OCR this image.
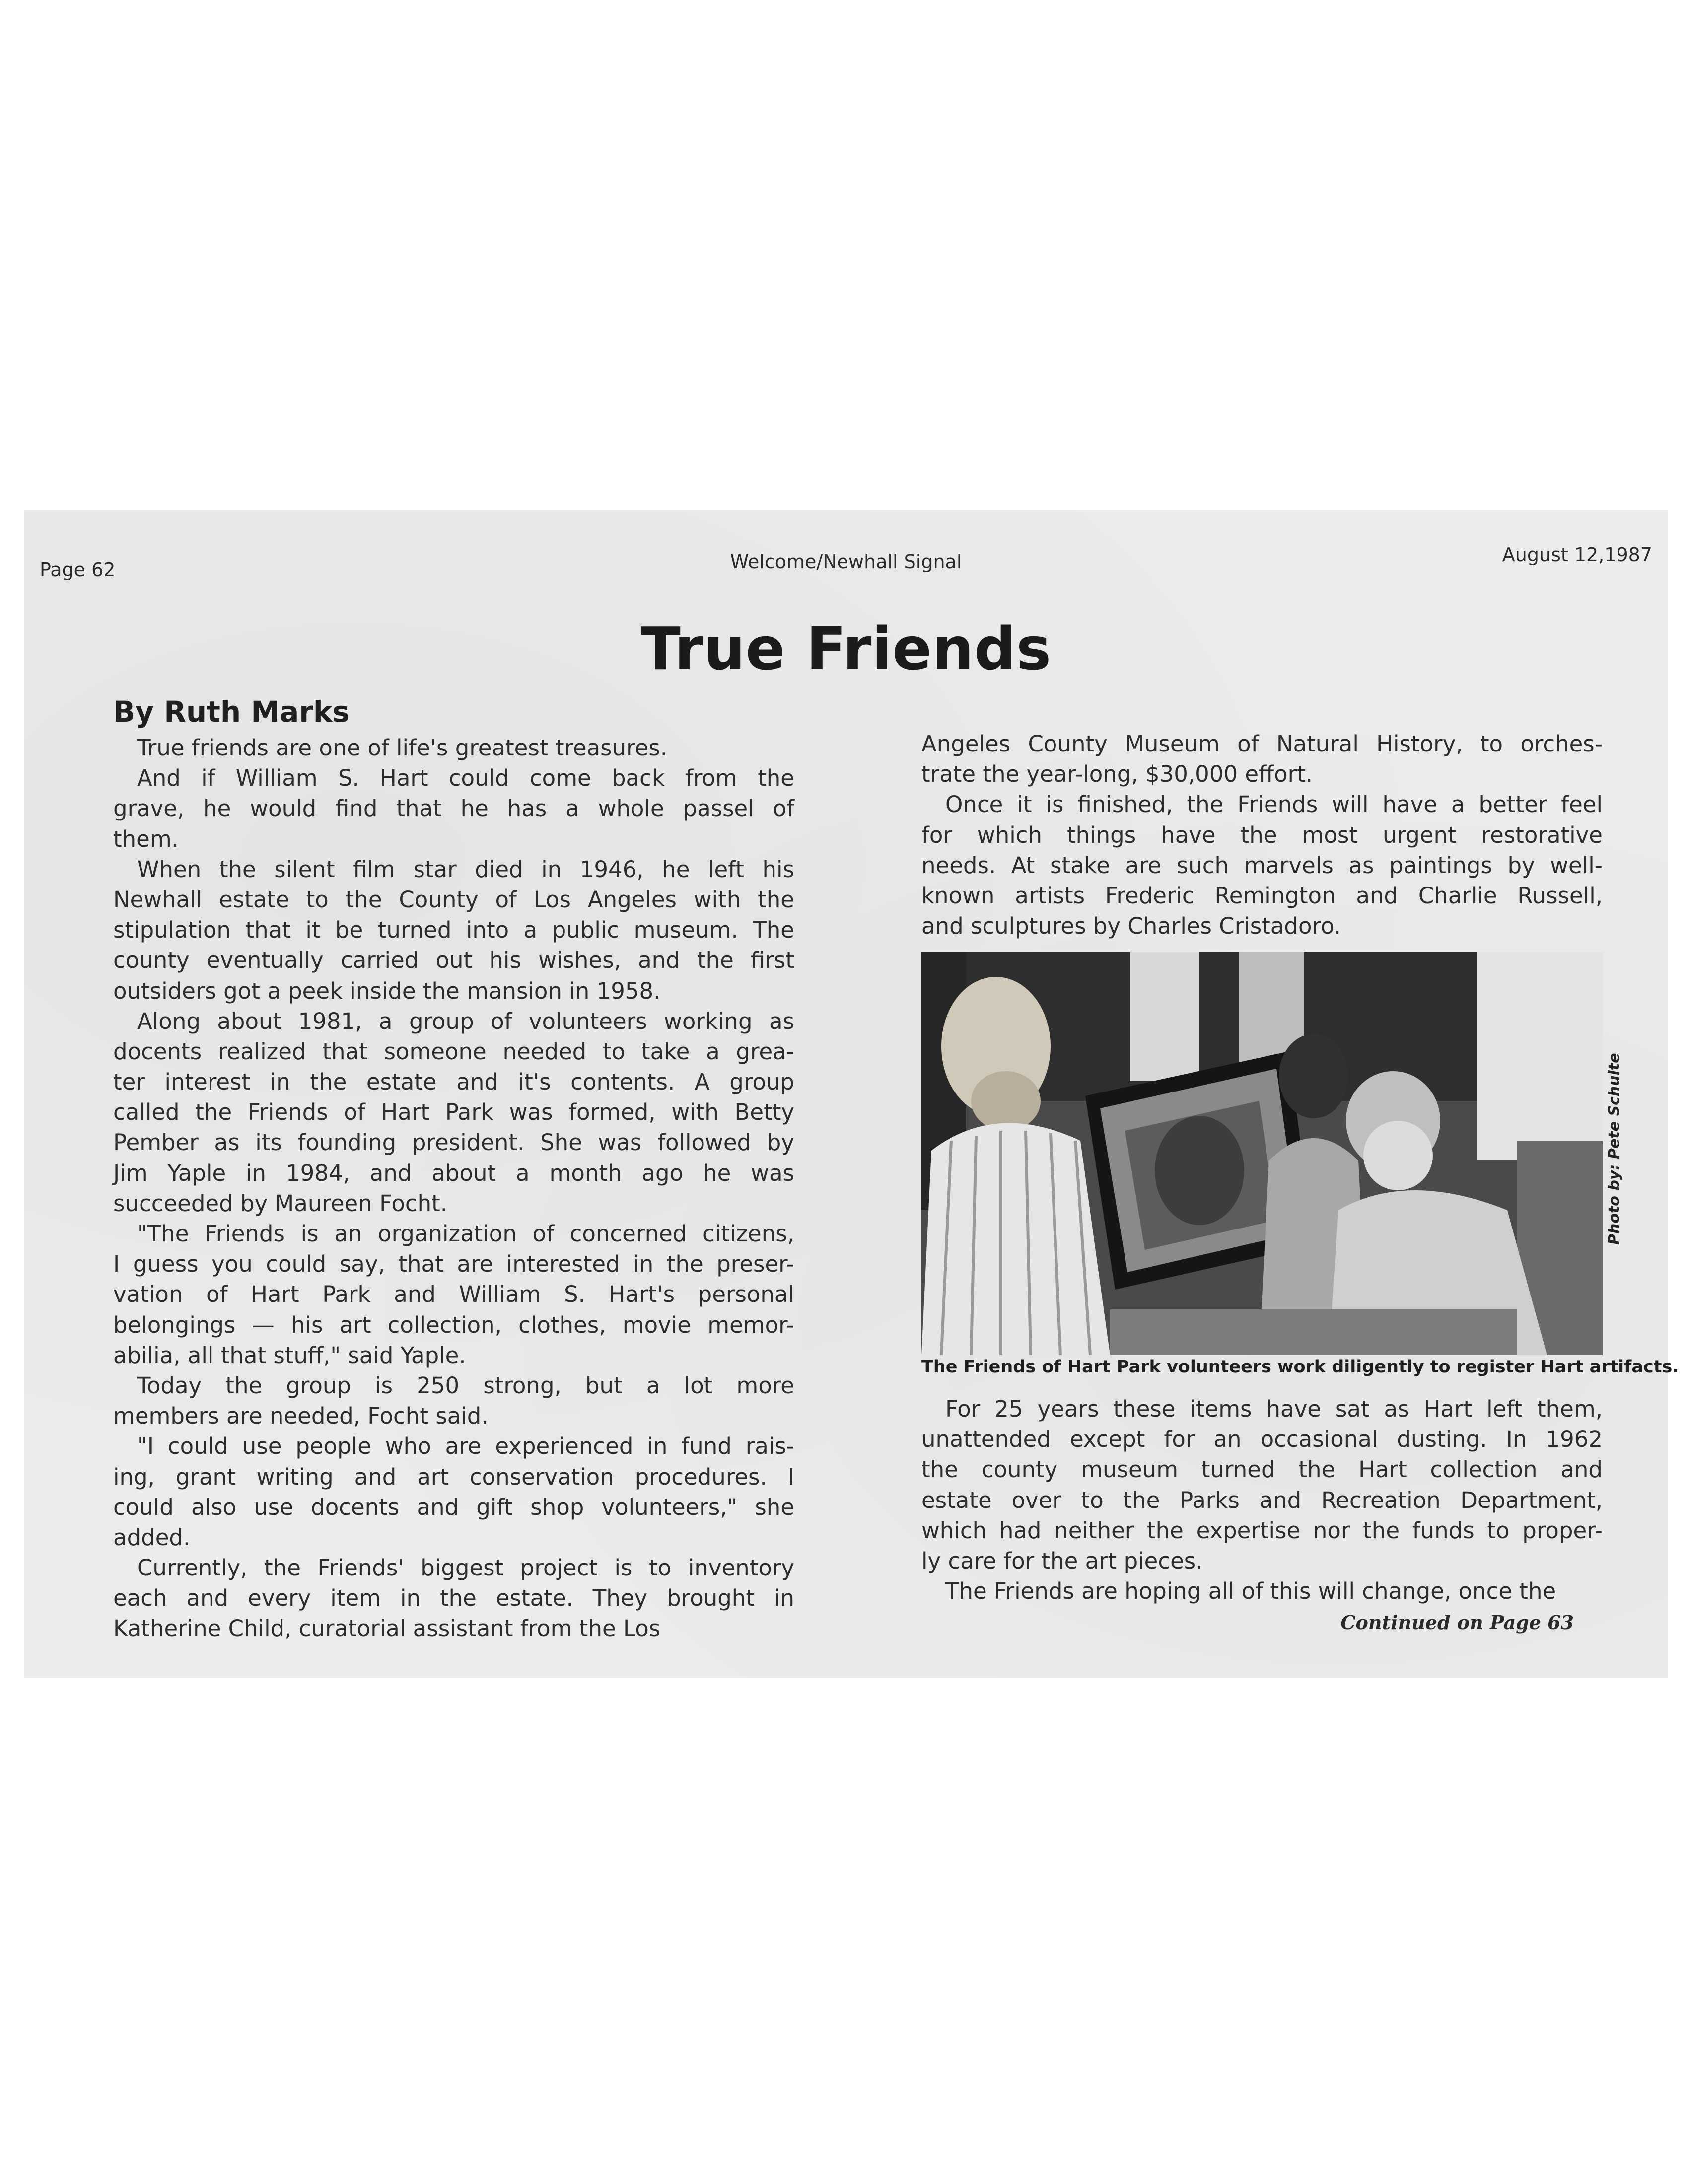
Page 62	Welcome/Newhall Signal	August 12,1987
True Friends
By Ruth Marks
True friends are one of life's greatest treasures.
And if William S. Hart could come back from the
grave, he would find that he has a whole passel of
them.
When the silent film star died in 1946, he left his
Newhall estate to the County of Los Angeles with the
stipulation that it be turned into a public museum. The
county eventually carried out his wishes, and the first
outsiders got a peek inside the mansion in 1958.
Along about 1981, a group of volunteers working as
docents realized that someone needed to take a grea-
ter interest in the estate and it's contents. A group
called the Friends of Hart Park was formed, with Betty
Pember as its founding president. She was followed by
Jim Yaple in 1984, and about a month ago he was
succeeded by Maureen Focht.
"The Friends is an organization of concerned citizens,
I guess you could say, that are interested in the preser-
vation of Hart Park and William S. Hart's personal
belongings — his art collection, clothes, movie memor-
abilia, all that stuff," said Yaple.
Today the group is 250 strong, but a lot more
members are needed, Focht said.
"I could use people who are experienced in fund rais-
ing, grant writing and art conservation procedures. I
could also use docents and gift shop volunteers," she
added.
Currently, the Friends' biggest project is to inventory
each and every item in the estate. They brought in
Katherine Child, curatorial assistant from the Los
Angeles County Museum of Natural History, to orches-
trate the year-long, $30,000 effort.
Once it is finished, the Friends will have a better feel
for which things have the most urgent restorative
needs. At stake are such marvels as paintings by well-
known artists Frederic Remington and Charlie Russell,
and sculptures by Charles Cristadoro.
Photo by: Pete Schulte
The Friends of Hart Park volunteers work diligently to register Hart artifacts.
For 25 years these items have sat as Hart left them,
unattended except for an occasional dusting. In 1962
the county museum turned the Hart collection and
estate over to the Parks and Recreation Department,
which had neither the expertise nor the funds to proper-
ly care for the art pieces.
The Friends are hoping all of this will change, once the
Continued on Page 63
